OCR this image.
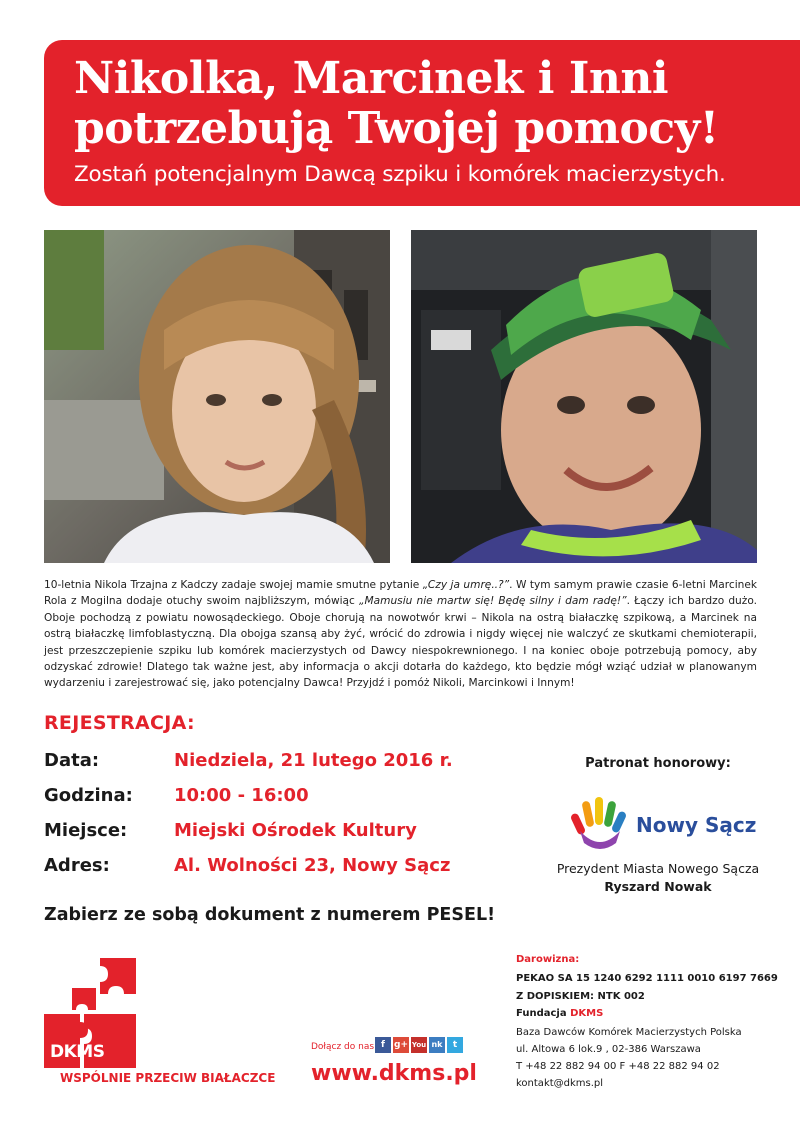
Nikolka, Marcinek i Inni
potrzebują Twojej pomocy!
Zostań potencjalnym Dawcą szpiku i komórek macierzystych.
10-letnia Nikola Trzajna z Kadczy zadaje swojej mamie smutne pytanie „Czy ja umrę..?”. W tym samym prawie czasie 6-letni Marcinek Rola z Mogilna dodaje otuchy swoim najbliższym, mówiąc „Mamusiu nie martw się! Będę silny i dam radę!”. Łączy ich bardzo dużo. Oboje pochodzą z powiatu nowosądeckiego. Oboje chorują na nowotwór krwi – Nikola na ostrą białaczkę szpikową, a Marcinek na ostrą białaczkę limfoblastyczną. Dla obojga szansą aby żyć, wrócić do zdrowia i nigdy więcej nie walczyć ze skutkami chemioterapii, jest przeszczepienie szpiku lub komórek macierzystych od Dawcy niespokrewnionego. I na koniec oboje potrzebują pomocy, aby odzyskać zdrowie! Dlatego tak ważne jest, aby informacja o akcji dotarła do każdego, kto będzie mógł wziąć udział w planowanym wydarzeniu i zarejestrować się, jako potencjalny Dawca! Przyjdź i pomóż Nikoli, Marcinkowi i Innym!
REJESTRACJA:
Data:	Niedziela, 21 lutego 2016 r.
Godzina: 10:00 - 16:00
Miejsce:	Miejski Ośrodek Kultury
Adres:	Al. Wolności 23, Nowy Sącz
Zabierz ze sobą dokument z numerem PESEL!
Patronat honorowy:
Nowy Sącz
Prezydent Miasta Nowego Sącza
Ryszard Nowak
DKMS
WSPÓLNIE PRZECIW BIAŁACZCE
Dołącz do nas f	g+ You nk	t
www.dkms.pl
Darowizna:
PEKAO SA 15 1240 6292 1111 0010 6197 7669
Z DOPISKIEM: NTK 002
Fundacja DKMS
Baza Dawców Komórek Macierzystych Polska
ul. Altowa 6 lok.9 , 02-386 Warszawa
T +48 22 882 94 00 F +48 22 882 94 02
kontakt@dkms.pl
